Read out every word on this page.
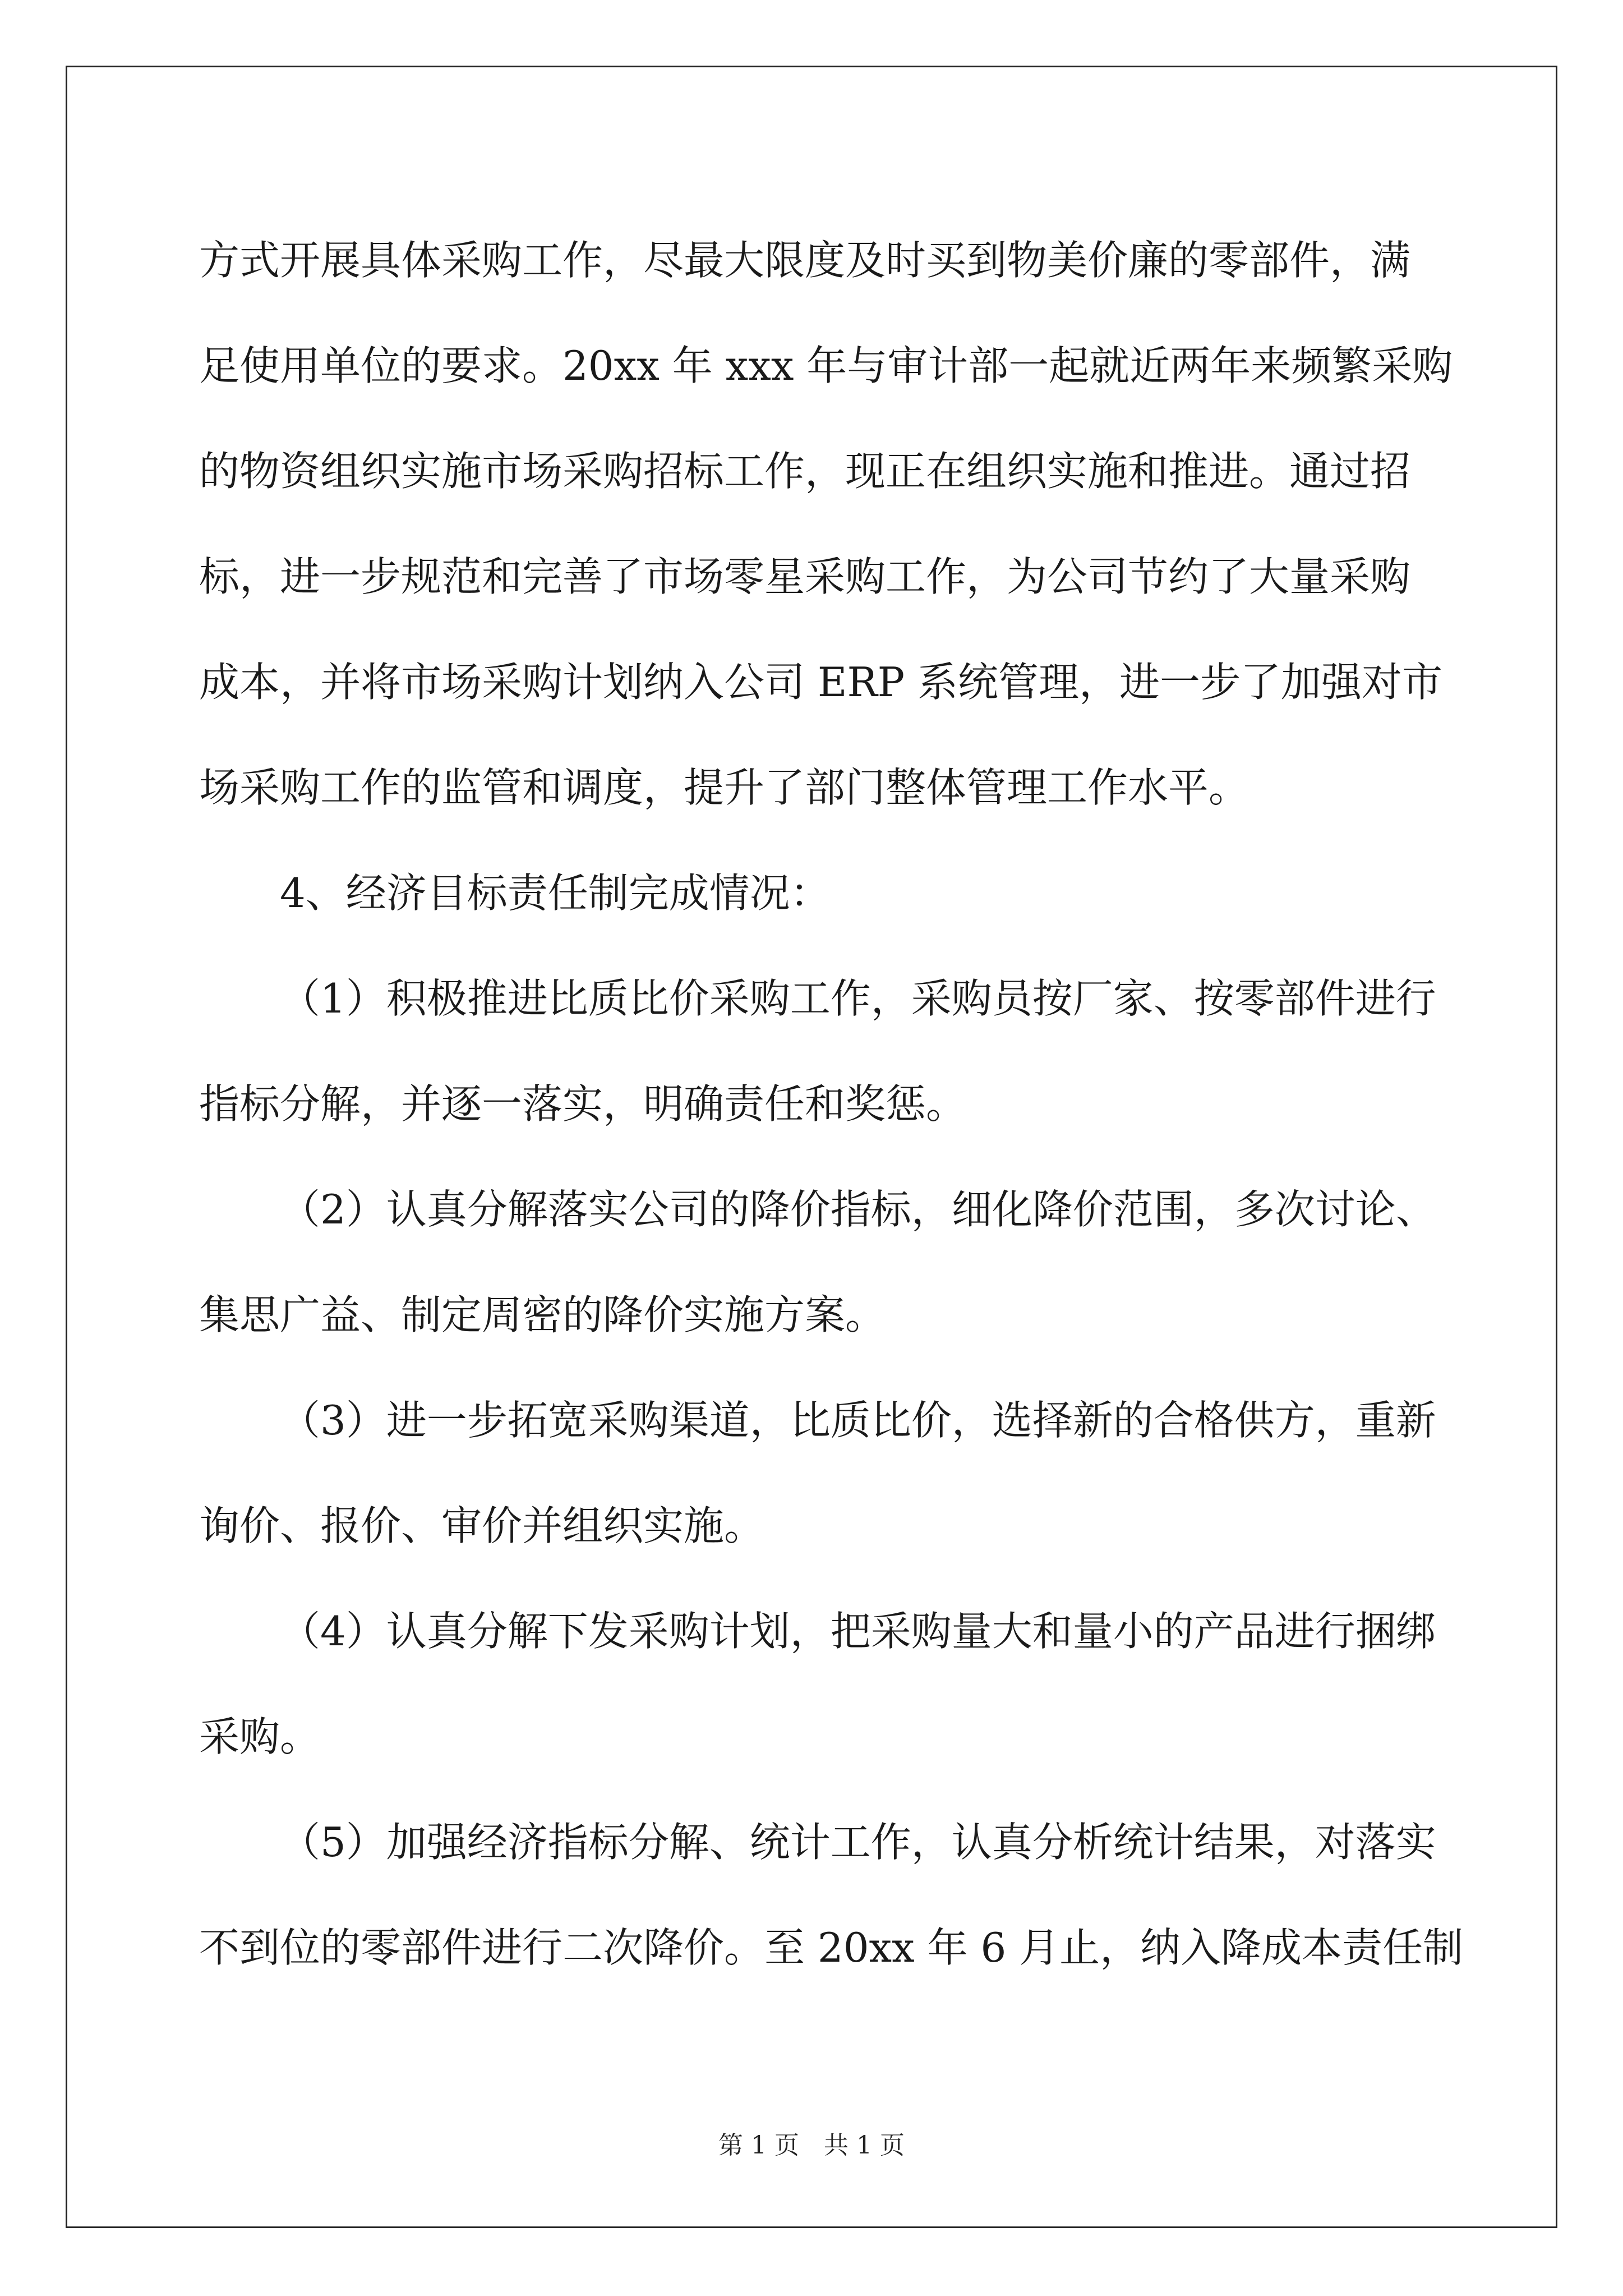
方式开展具体采购工作，尽最大限度及时买到物美价廉的零部件，满
足使用单位的要求。20xx 年 xxx 年与审计部一起就近两年来频繁采购
的物资组织实施市场采购招标工作，现正在组织实施和推进。通过招
标，进一步规范和完善了市场零星采购工作，为公司节约了大量采购
成本，并将市场采购计划纳入公司 ERP 系统管理，进一步了加强对市
场采购工作的监管和调度，提升了部门整体管理工作水平。
4、经济目标责任制完成情况：
（1）积极推进比质比价采购工作，采购员按厂家、按零部件进行
指标分解，并逐一落实，明确责任和奖惩。
（2）认真分解落实公司的降价指标，细化降价范围，多次讨论、
集思广益、制定周密的降价实施方案。
（3）进一步拓宽采购渠道，比质比价，选择新的合格供方，重新
询价、报价、审价并组织实施。
（4）认真分解下发采购计划，把采购量大和量小的产品进行捆绑
采购。
（5）加强经济指标分解、统计工作，认真分析统计结果，对落实
不到位的零部件进行二次降价。至 20xx 年 6 月止，纳入降成本责任制
第 1 页　共 1 页
